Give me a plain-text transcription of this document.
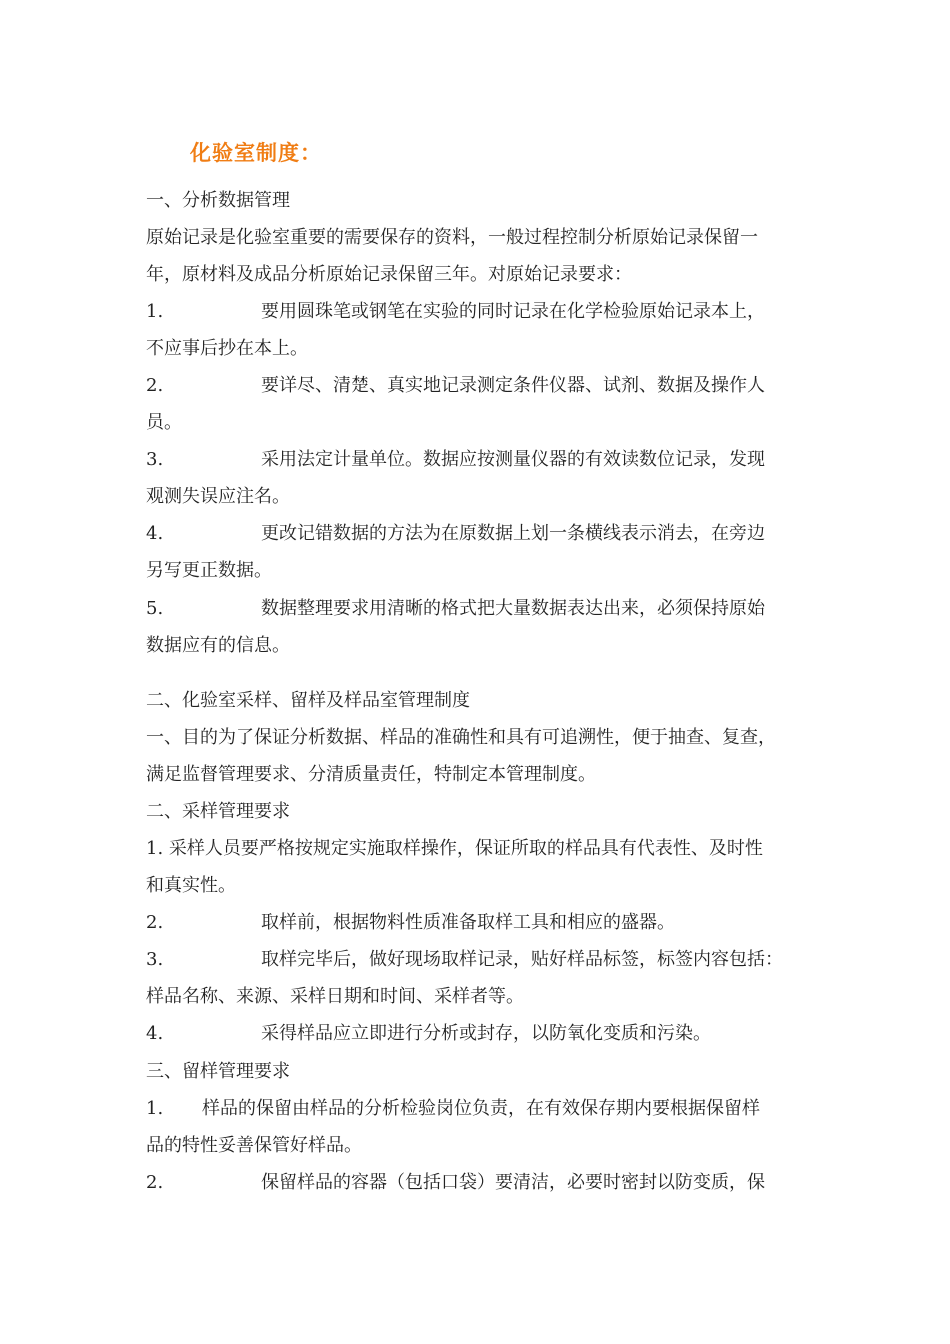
化验室制度：
一、分析数据管理
原始记录是化验室重要的需要保存的资料，一般过程控制分析原始记录保留一
年，原材料及成品分析原始记录保留三年。对原始记录要求：
1.	要用圆珠笔或钢笔在实验的同时记录在化学检验原始记录本上，
不应事后抄在本上。
2.	要详尽、清楚、真实地记录测定条件仪器、试剂、数据及操作人
员。
3.	采用法定计量单位。数据应按测量仪器的有效读数位记录，发现
观测失误应注名。
4.	更改记错数据的方法为在原数据上划一条横线表示消去，在旁边
另写更正数据。
5.	数据整理要求用清晰的格式把大量数据表达出来，必须保持原始
数据应有的信息。
二、化验室采样、留样及样品室管理制度
一、目的为了保证分析数据、样品的准确性和具有可追溯性，便于抽查、复查，
满足监督管理要求、分清质量责任，特制定本管理制度。
二、采样管理要求
1. 采样人员要严格按规定实施取样操作，保证所取的样品具有代表性、及时性
和真实性。
2.	取样前，根据物料性质准备取样工具和相应的盛器。
3.	取样完毕后，做好现场取样记录，贴好样品标签，标签内容包括：
样品名称、来源、采样日期和时间、采样者等。
4.	采得样品应立即进行分析或封存，以防氧化变质和污染。
三、留样管理要求
1. 样品的保留由样品的分析检验岗位负责，在有效保存期内要根据保留样
品的特性妥善保管好样品。
2.	保留样品的容器（包括口袋）要清洁，必要时密封以防变质，保
